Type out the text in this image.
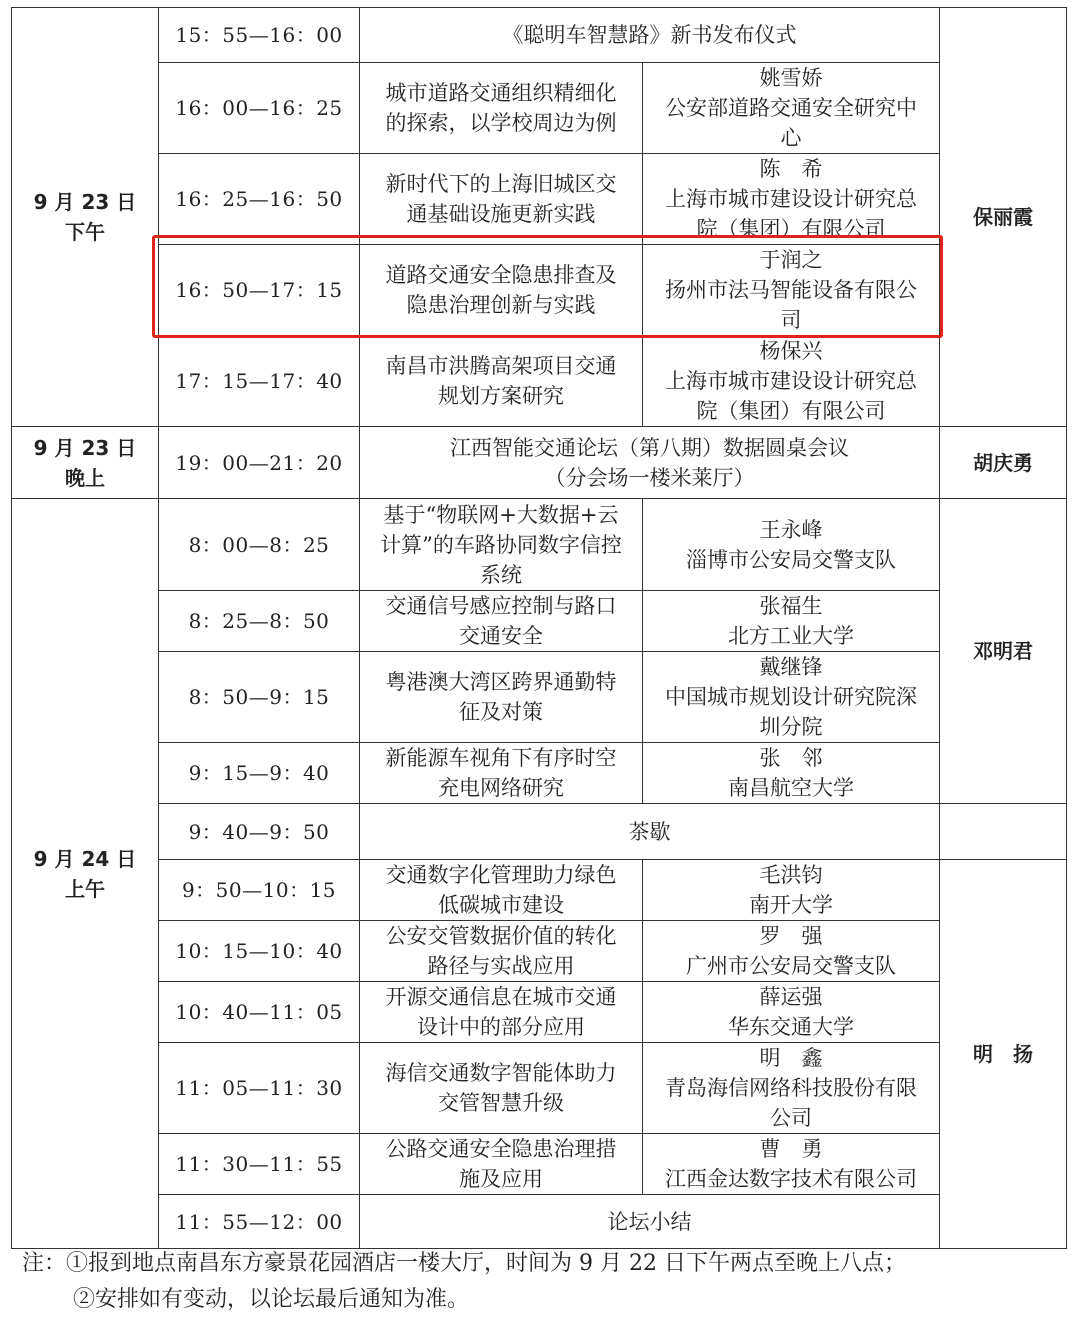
9 月 23 日
下午	15：55—16：00	《聪明车智慧路》新书发布仪式		保丽霞
	16：00—16：25	城市道路交通组织精细化
的探索，以学校周边为例	姚雪娇
公安部道路交通安全研究中
心	

	16：25—16：50	新时代下的上海旧城区交
通基础设施更新实践	陈　希
上海市城市建设设计研究总
院（集团）有限公司	

	16：50—17：15	道路交通安全隐患排查及
隐患治理创新与实践	于润之
扬州市法马智能设备有限公
司	

	17：15—17：40	南昌市洪腾高架项目交通
规划方案研究	杨保兴
上海市城市建设设计研究总
院（集团）有限公司	

9 月 23 日
晚上	19：00—21：20	江西智能交通论坛（第八期）数据圆桌会议
（分会场一楼米莱厅）		胡庆勇

9 月 24 日
上午	8：00—8：25	基于“物联网+大数据+云
计算”的车路协同数字信控
系统	王永峰
淄博市公安局交警支队	邓明君
	8：25—8：50	交通信号感应控制与路口
交通安全	张福生
北方工业大学	

	8：50—9：15	粤港澳大湾区跨界通勤特
征及对策	戴继锋
中国城市规划设计研究院深
圳分院	

	9：15—9：40	新能源车视角下有序时空
充电网络研究	张　邻
南昌航空大学	

	9：40—9：50	茶歇		

	9：50—10：15	交通数字化管理助力绿色
低碳城市建设	毛洪钧
南开大学	明　扬
	10：15—10：40	公安交管数据价值的转化
路径与实战应用	罗　强
广州市公安局交警支队	

	10：40—11：05	开源交通信息在城市交通
设计中的部分应用	薛运强
华东交通大学	

	11：05—11：30	海信交通数字智能体助力
交管智慧升级	明　鑫
青岛海信网络科技股份有限
公司	

	11：30—11：55	公路交通安全隐患治理措
施及应用	曹　勇
江西金达数字技术有限公司	

	11：55—12：00	论坛小结		
注：①报到地点南昌东方豪景花园酒店一楼大厅，时间为 9 月 22 日下午两点至晚上八点；
②安排如有变动，以论坛最后通知为准。
